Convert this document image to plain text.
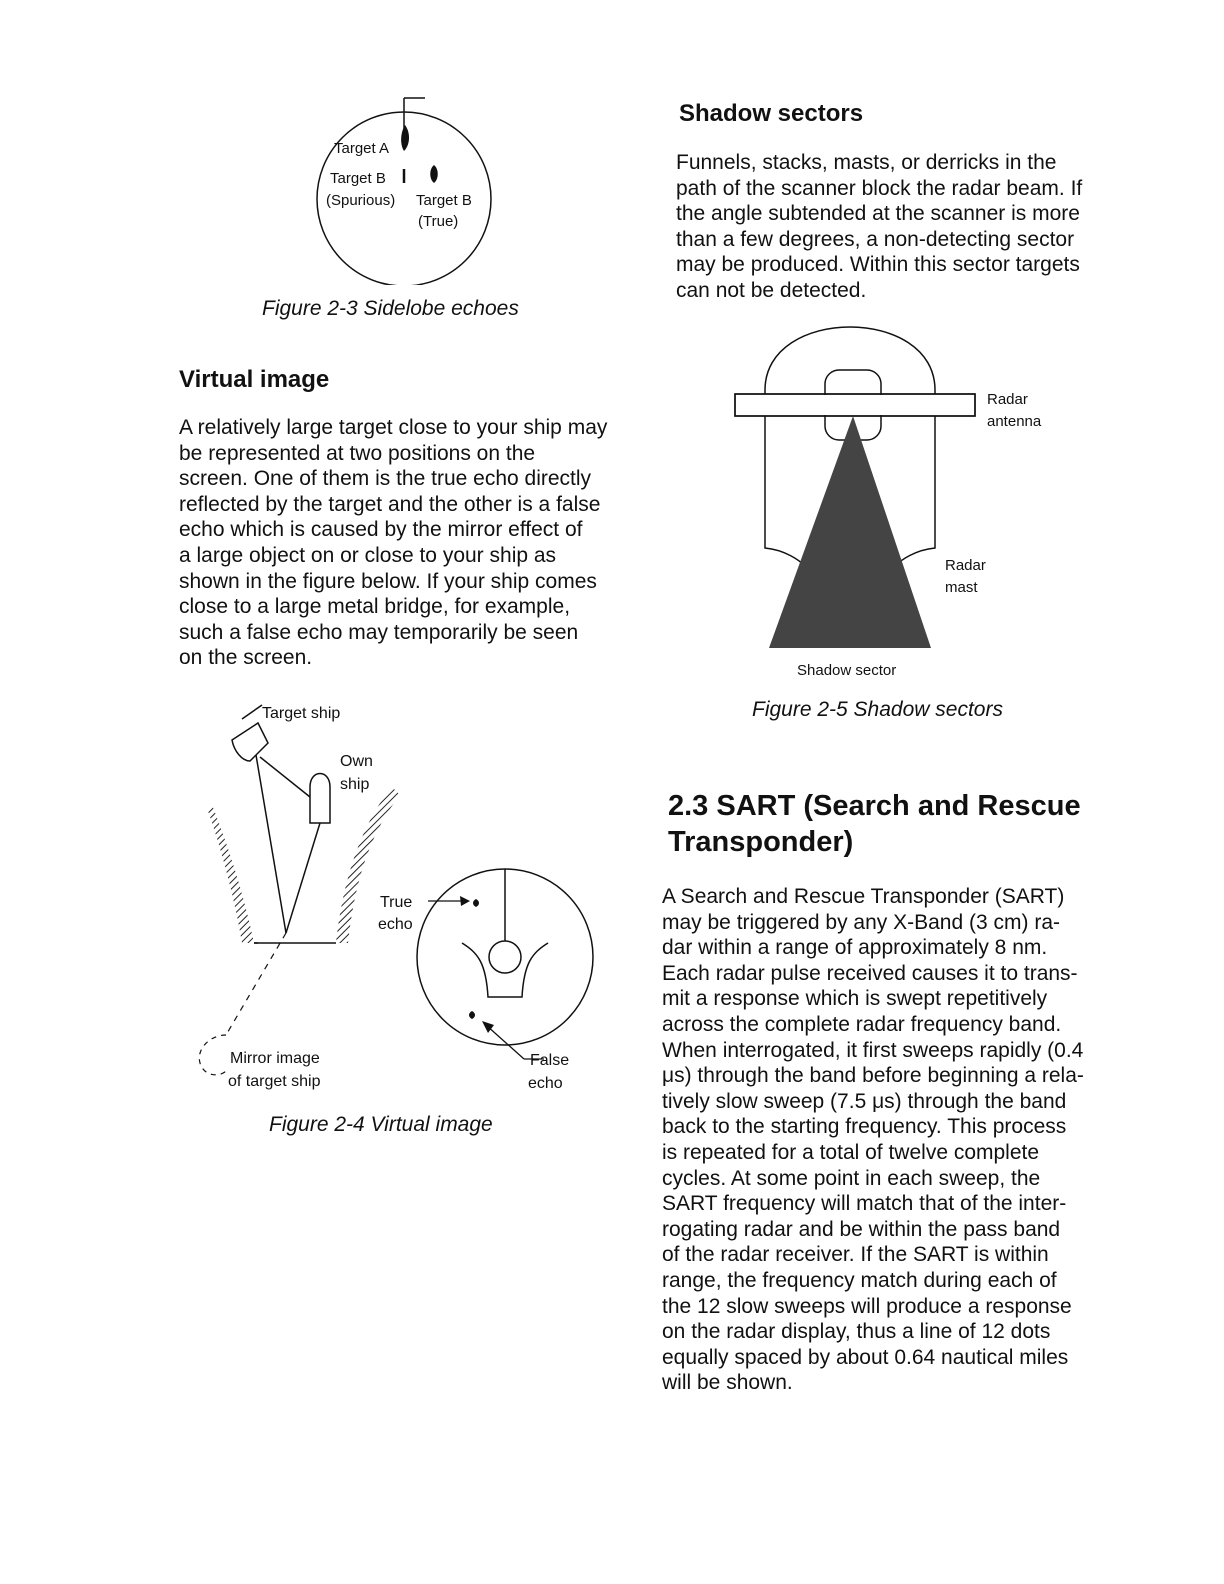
Target A
Target B
(Spurious) Target B
(True)
Figure 2-3 Sidelobe echoes
Virtual image
A relatively large target close to your ship may
be represented at two positions on the
screen. One of them is the true echo directly
reflected by the target and the other is a false
echo which is caused by the mirror effect of
a large object on or close to your ship as
shown in the figure below. If your ship comes
close to a large metal bridge, for example,
such a false echo may temporarily be seen
on the screen.
Target ship
Own
ship
True
echo
Mirror image
of target ship
False
echo
Figure 2-4 Virtual image
Shadow sectors
Funnels, stacks, masts, or derricks in the
path of the scanner block the radar beam. If
the angle subtended at the scanner is more
than a few degrees, a non-detecting sector
may be produced. Within this sector targets
can not be detected.
Radar
antenna
Radar
mast
Shadow sector
Figure 2-5 Shadow sectors
2.3 SART (Search and Rescue
Transponder)
A Search and Rescue Transponder (SART)
may be triggered by any X-Band (3 cm) ra-
dar within a range of approximately 8 nm.
Each radar pulse received causes it to trans-
mit a response which is swept repetitively
across the complete radar frequency band.
When interrogated, it first sweeps rapidly (0.4
μs) through the band before beginning a rela-
tively slow sweep (7.5 μs) through the band
back to the starting frequency. This process
is repeated for a total of twelve complete
cycles. At some point in each sweep, the
SART frequency will match that of the inter-
rogating radar and be within the pass band
of the radar receiver. If the SART is within
range, the frequency match during each of
the 12 slow sweeps will produce a response
on the radar display, thus a line of 12 dots
equally spaced by about 0.64 nautical miles
will be shown.
